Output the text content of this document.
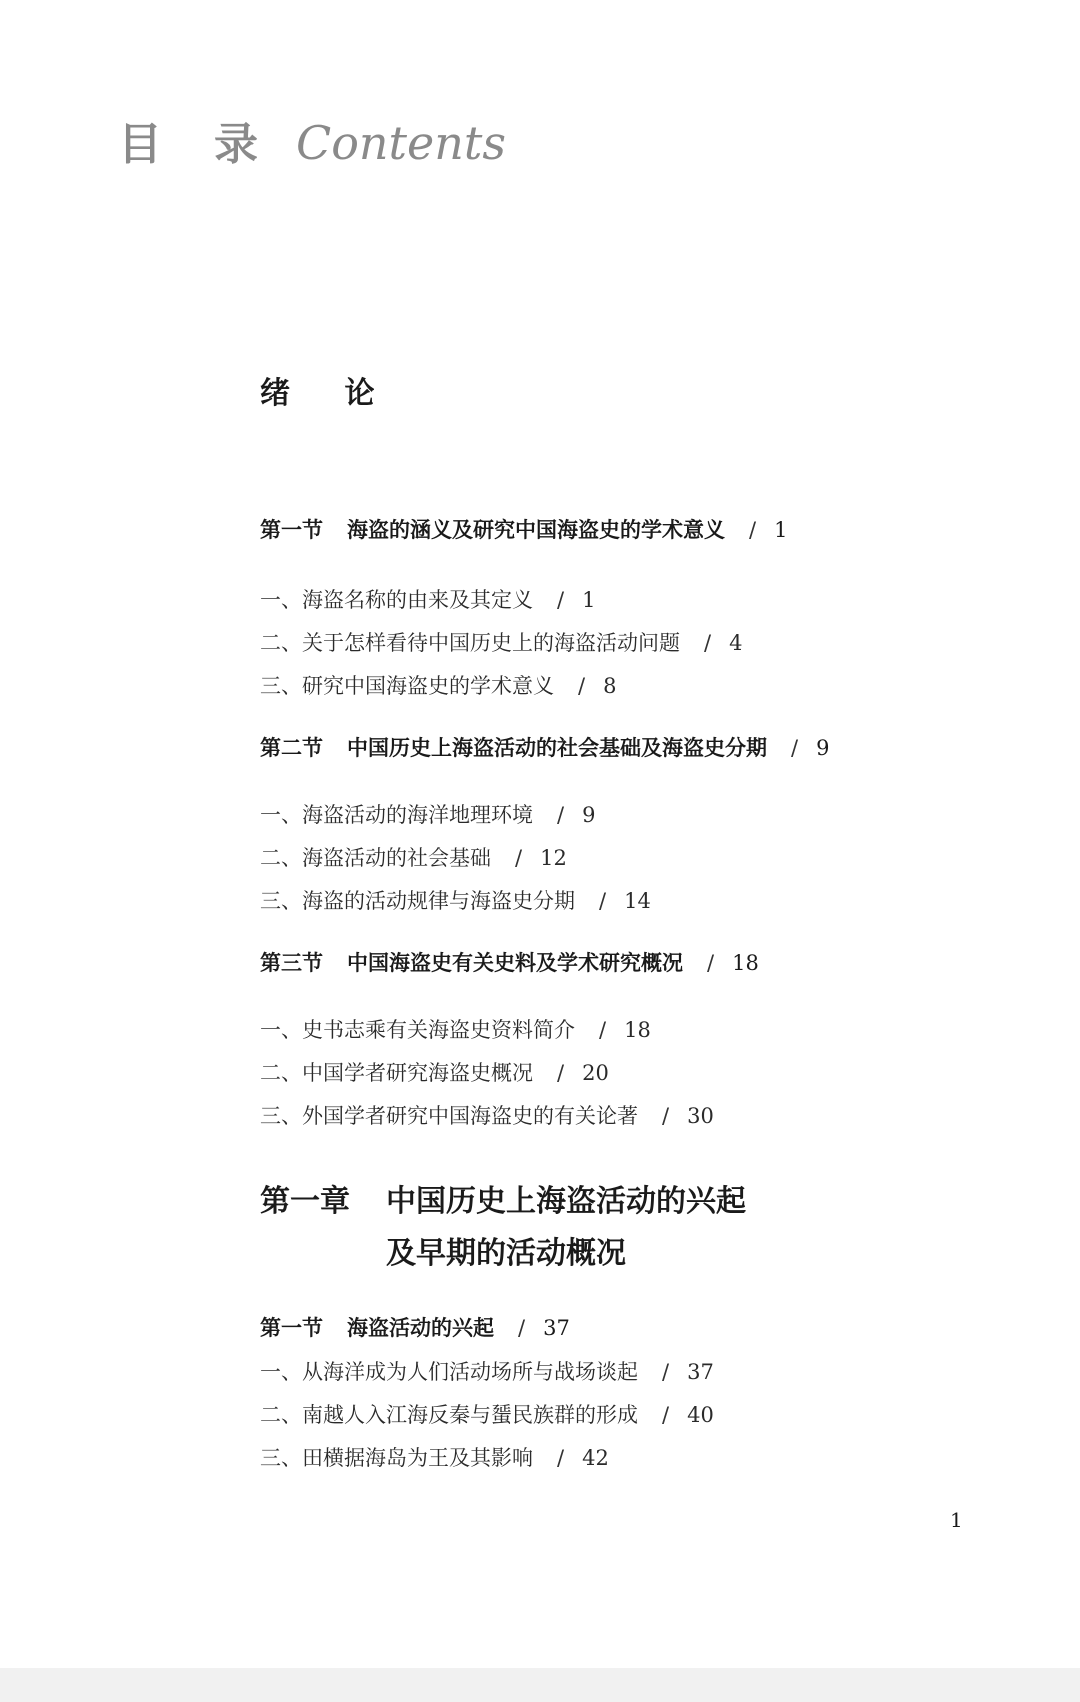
目 录 Contents
绪 论
第一节 海盗的涵义及研究中国海盗史的学术意义 / 1
一、海盗名称的由来及其定义 / 1
二、关于怎样看待中国历史上的海盗活动问题 / 4
三、研究中国海盗史的学术意义 / 8
第二节 中国历史上海盗活动的社会基础及海盗史分期 / 9
一、海盗活动的海洋地理环境 / 9
二、海盗活动的社会基础 / 12
三、海盗的活动规律与海盗史分期 / 14
第三节 中国海盗史有关史料及学术研究概况 / 18
一、史书志乘有关海盗史资料简介 / 18
二、中国学者研究海盗史概况 / 20
三、外国学者研究中国海盗史的有关论著 / 30
第一章 中国历史上海盗活动的兴起
及早期的活动概况
第一节 海盗活动的兴起 / 37
一、从海洋成为人们活动场所与战场谈起 / 37
二、南越人入江海反秦与蜑民族群的形成 / 40
三、田横据海岛为王及其影响 / 42
1
